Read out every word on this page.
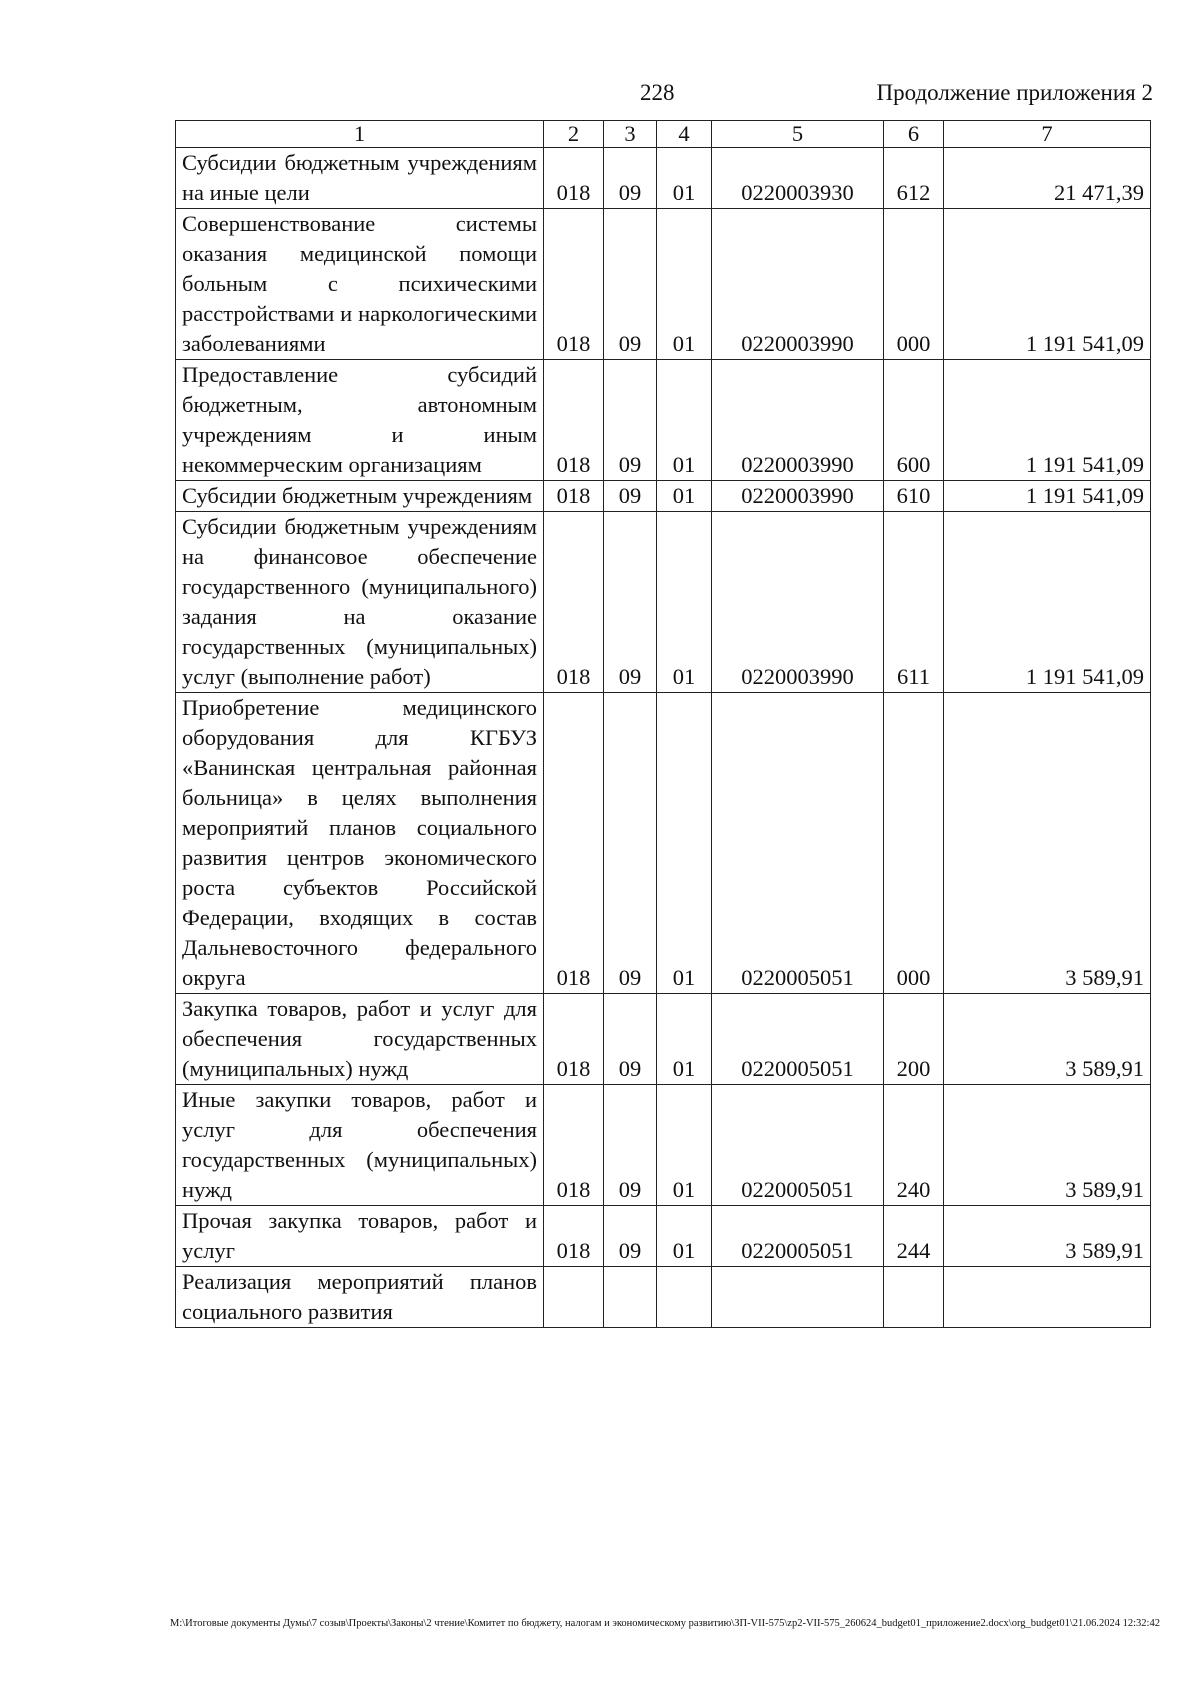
228	Продолжение приложения 2
1	2	3	4	5	6	7
Субсидии бюджетным учреждениям на иные цели	018	09	01	0220003930	612	21 471,39
Совершенствование системы оказания медицинской помощи больным с психическими расстройствами и наркологическими заболеваниями	018	09	01	0220003990	000	1 191 541,09
Предоставление субсидий бюджетным, автономным учреждениям и иным некоммерческим организациям	018	09	01	0220003990	600	1 191 541,09
Субсидии бюджетным учреждениям	018	09	01	0220003990	610	1 191 541,09
Субсидии бюджетным учреждениям на финансовое обеспечение государственного (муниципального) задания на оказание государственных (муниципальных) услуг (выполнение работ)	018	09	01	0220003990	611	1 191 541,09
Приобретение медицинского оборудования для КГБУЗ «Ванинская центральная районная больница» в целях выполнения мероприятий планов социального развития центров экономического роста субъектов Российской Федерации, входящих в состав Дальневосточного федерального округа	018	09	01	0220005051	000	3 589,91
Закупка товаров, работ и услуг для обеспечения государственных (муниципальных) нужд	018	09	01	0220005051	200	3 589,91
Иные закупки товаров, работ и услуг для обеспечения государственных (муниципальных) нужд	018	09	01	0220005051	240	3 589,91
Прочая закупка товаров, работ и услуг	018	09	01	0220005051	244	3 589,91
Реализация мероприятий планов социального развития						
M:\Итоговые документы Думы\7 созыв\Проекты\Законы\2 чтение\Комитет по бюджету, налогам и экономическому развитию\ЗП-VII-575\zp2-VII-575_260624_budget01_приложение2.docx\org_budget01\21.06.2024 12:32:42
